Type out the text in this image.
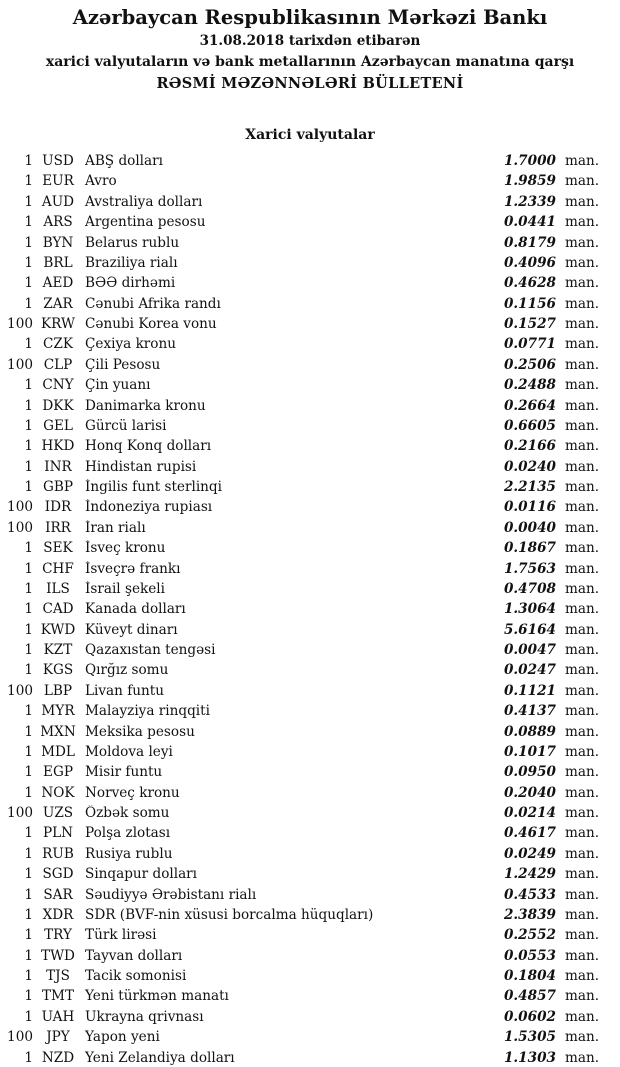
Azərbaycan Respublikasının Mərkəzi Bankı
31.08.2018 tarixdən etibarən
xarici valyutaların və bank metallarının Azərbaycan manatına qarşı
RƏSMİ MƏZƏNNƏLƏRİ BÜLLETENİ
Xarici valyutalar
1 USD ABŞ dolları	1.7000 man.
1 EUR Avro	1.9859 man.
1 AUD Avstraliya dolları	1.2339 man.
1 ARS Argentina pesosu	0.0441 man.
1 BYN Belarus rublu	0.8179 man.
1 BRL Braziliya rialı	0.4096 man.
1 AED BƏƏ dirhəmi	0.4628 man.
1 ZAR Cənubi Afrika randı	0.1156 man.
100 KRW Cənubi Korea vonu	0.1527 man.
1 CZK Çexiya kronu	0.0771 man.
100 CLP Çili Pesosu	0.2506 man.
1 CNY Çin yuanı	0.2488 man.
1 DKK Danimarka kronu	0.2664 man.
1 GEL Gürcü larisi	0.6605 man.
1 HKD Honq Konq dolları	0.2166 man.
1 INR Hindistan rupisi	0.0240 man.
1 GBP İngilis funt sterlinqi	2.2135 man.
100 IDR	İndoneziya rupiası	0.0116 man.
100 IRR	İran rialı	0.0040 man.
1 SEK İsveç kronu	0.1867 man.
1 CHF İsveçrə frankı	1.7563 man.
1 ILS	İsrail şekeli	0.4708 man.
1 CAD Kanada dolları	1.3064 man.
1 KWD Küveyt dinarı	5.6164 man.
1 KZT Qazaxıstan tengəsi	0.0047 man.
1 KGS Qırğız somu	0.0247 man.
100 LBP Livan funtu	0.1121 man.
1 MYR Malayziya rinqqiti	0.4137 man.
1 MXN Meksika pesosu	0.0889 man.
1 MDL Moldova leyi	0.1017 man.
1 EGP Misir funtu	0.0950 man.
1 NOK Norveç kronu	0.2040 man.
100 UZS Özbək somu	0.0214 man.
1 PLN Polşa zlotası	0.4617 man.
1 RUB Rusiya rublu	0.0249 man.
1 SGD Sinqapur dolları	1.2429 man.
1 SAR Səudiyyə Ərəbistanı rialı	0.4533 man.
1 XDR SDR (BVF-nin xüsusi borcalma hüquqları)	2.3839 man.
1 TRY Türk lirəsi	0.2552 man.
1 TWD Tayvan dolları	0.0553 man.
1 TJS	Tacik somonisi	0.1804 man.
1 TMT Yeni türkmən manatı	0.4857 man.
1 UAH Ukrayna qrivnası	0.0602 man.
100 JPY	Yapon yeni	1.5305 man.
1 NZD Yeni Zelandiya dolları	1.1303 man.
